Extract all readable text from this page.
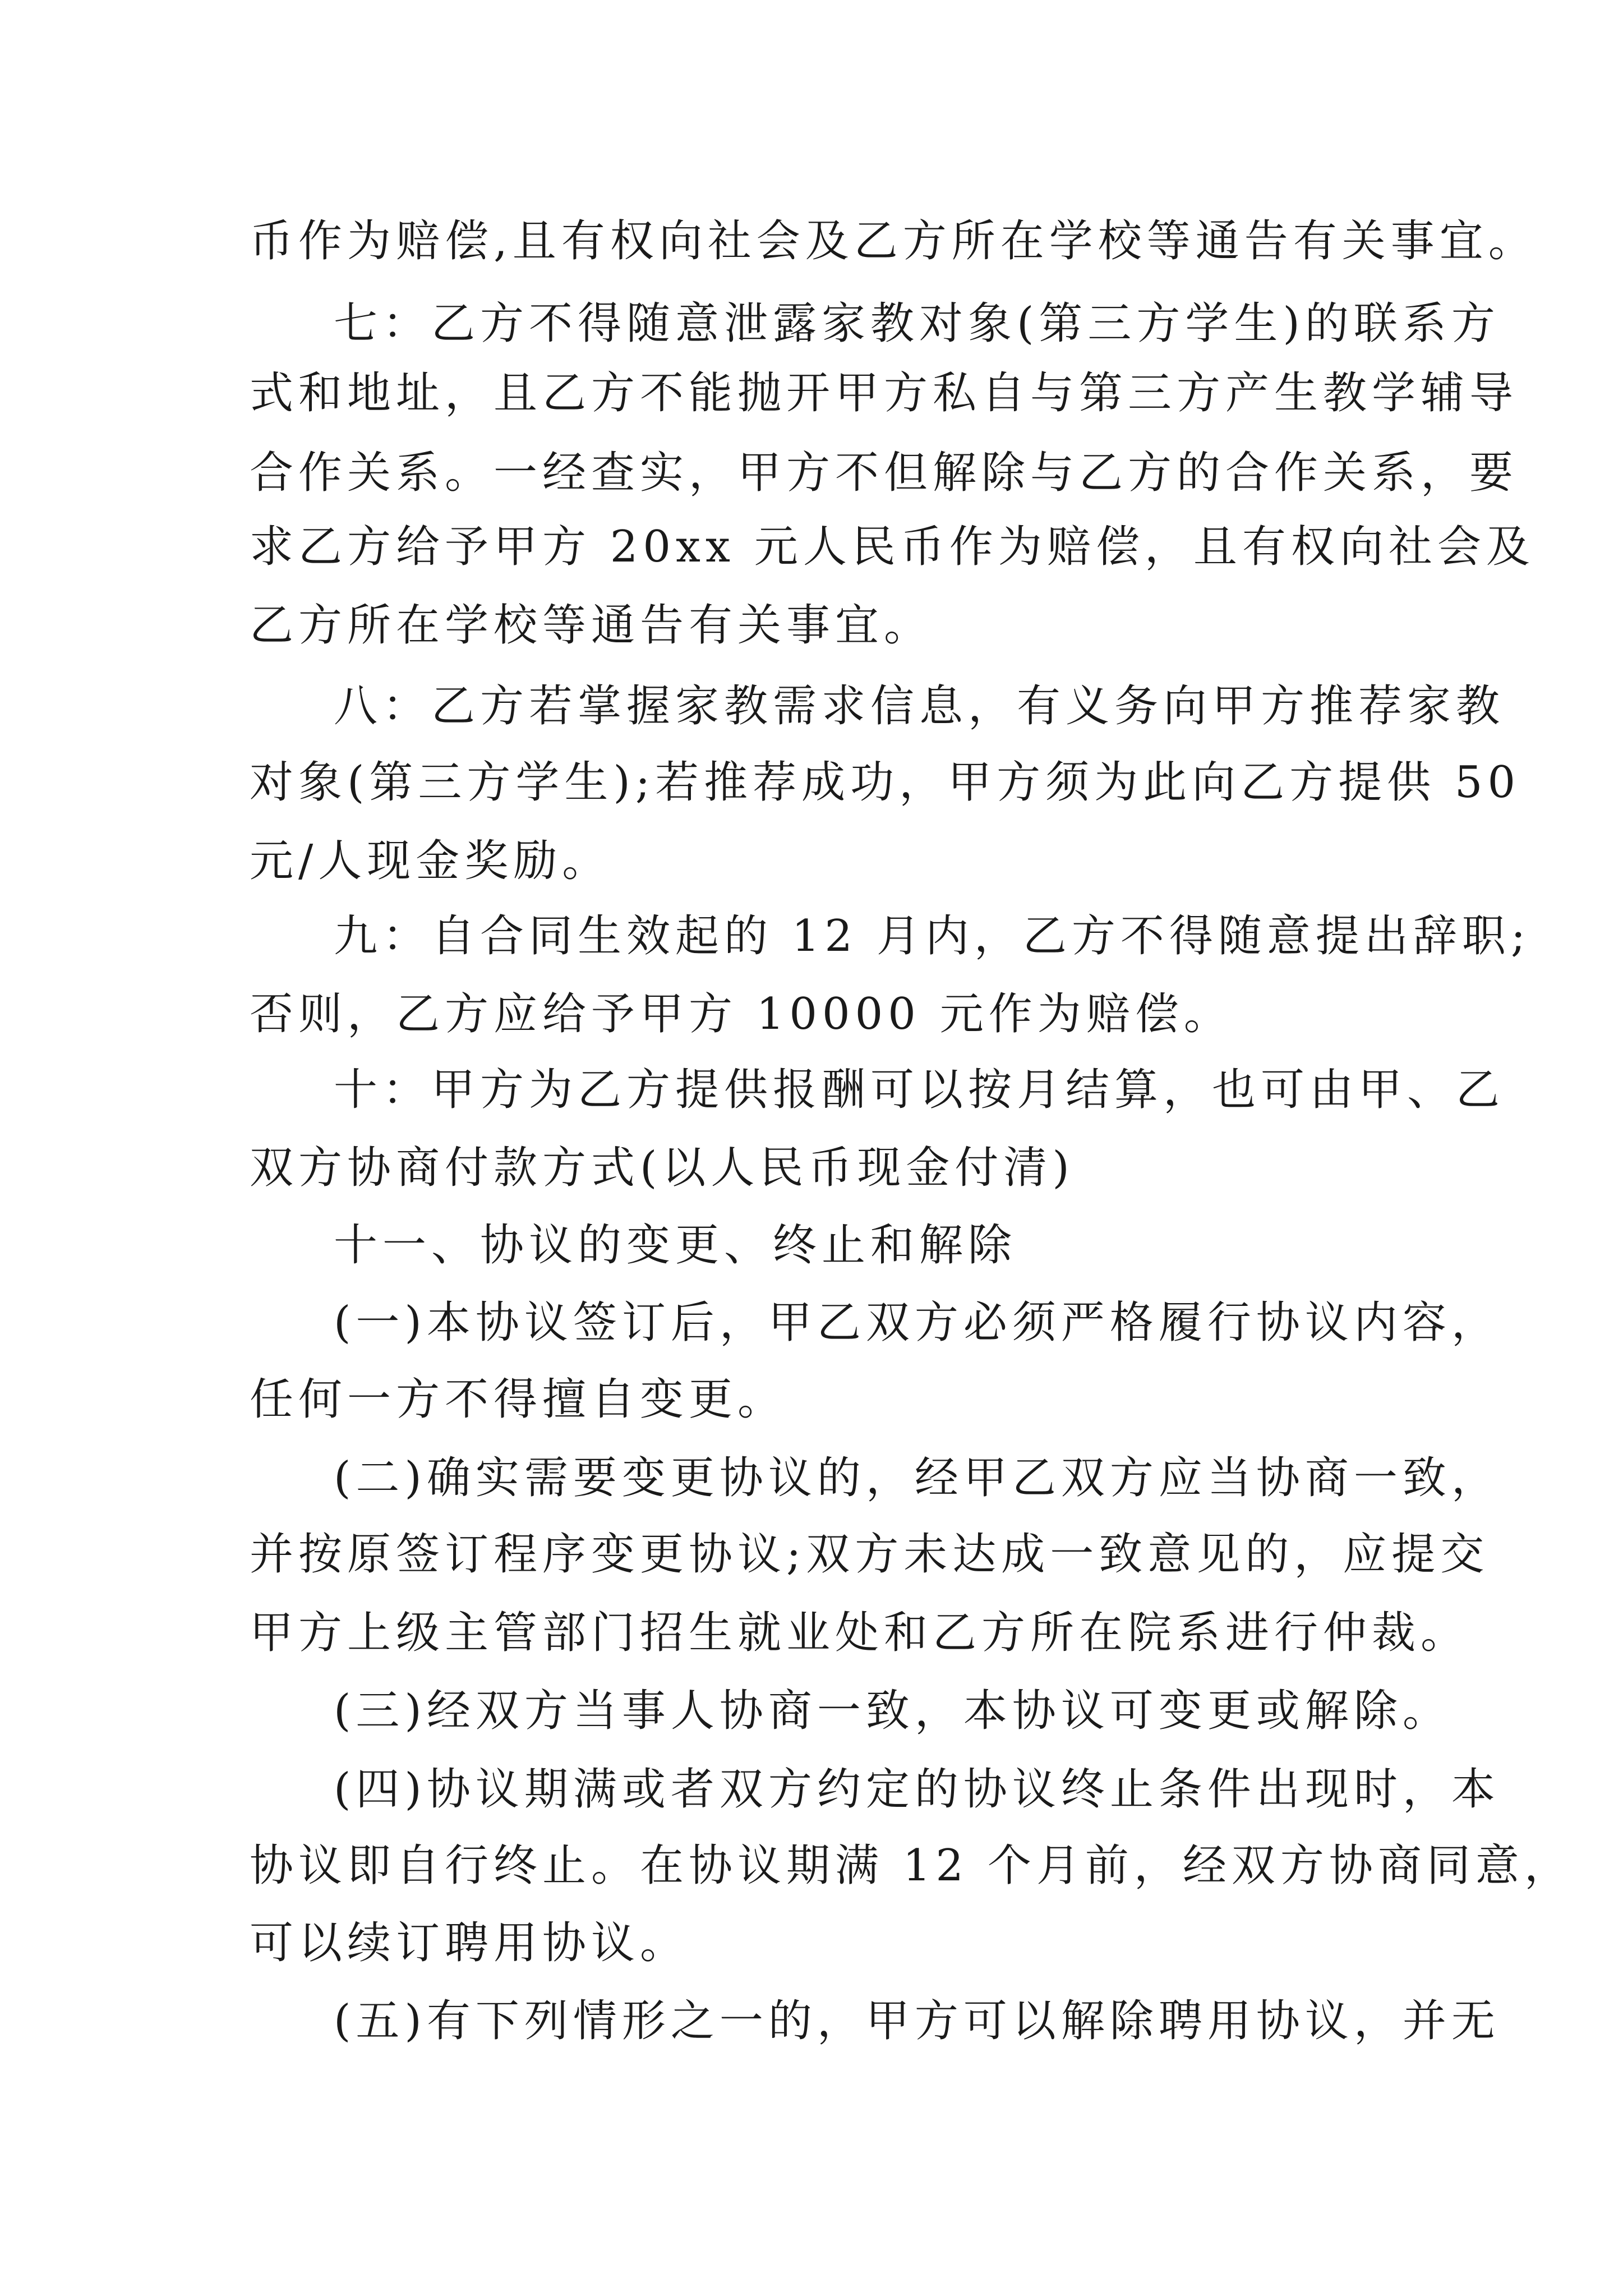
币作为赔偿,且有权向社会及乙方所在学校等通告有关事宜。
七：乙方不得随意泄露家教对象(第三方学生)的联系方
式和地址，且乙方不能抛开甲方私自与第三方产生教学辅导
合作关系。一经查实，甲方不但解除与乙方的合作关系，要
求乙方给予甲方 20xx 元人民币作为赔偿，且有权向社会及
乙方所在学校等通告有关事宜。
八：乙方若掌握家教需求信息，有义务向甲方推荐家教
对象(第三方学生);若推荐成功，甲方须为此向乙方提供 50
元/人现金奖励。
九：自合同生效起的 12 月内，乙方不得随意提出辞职;
否则，乙方应给予甲方 10000 元作为赔偿。
十：甲方为乙方提供报酬可以按月结算，也可由甲、乙
双方协商付款方式(以人民币现金付清)
十一、协议的变更、终止和解除
(一)本协议签订后，甲乙双方必须严格履行协议内容，
任何一方不得擅自变更。
(二)确实需要变更协议的，经甲乙双方应当协商一致，
并按原签订程序变更协议;双方未达成一致意见的，应提交
甲方上级主管部门招生就业处和乙方所在院系进行仲裁。
(三)经双方当事人协商一致，本协议可变更或解除。
(四)协议期满或者双方约定的协议终止条件出现时，本
协议即自行终止。在协议期满 12 个月前，经双方协商同意，
可以续订聘用协议。
(五)有下列情形之一的，甲方可以解除聘用协议，并无
